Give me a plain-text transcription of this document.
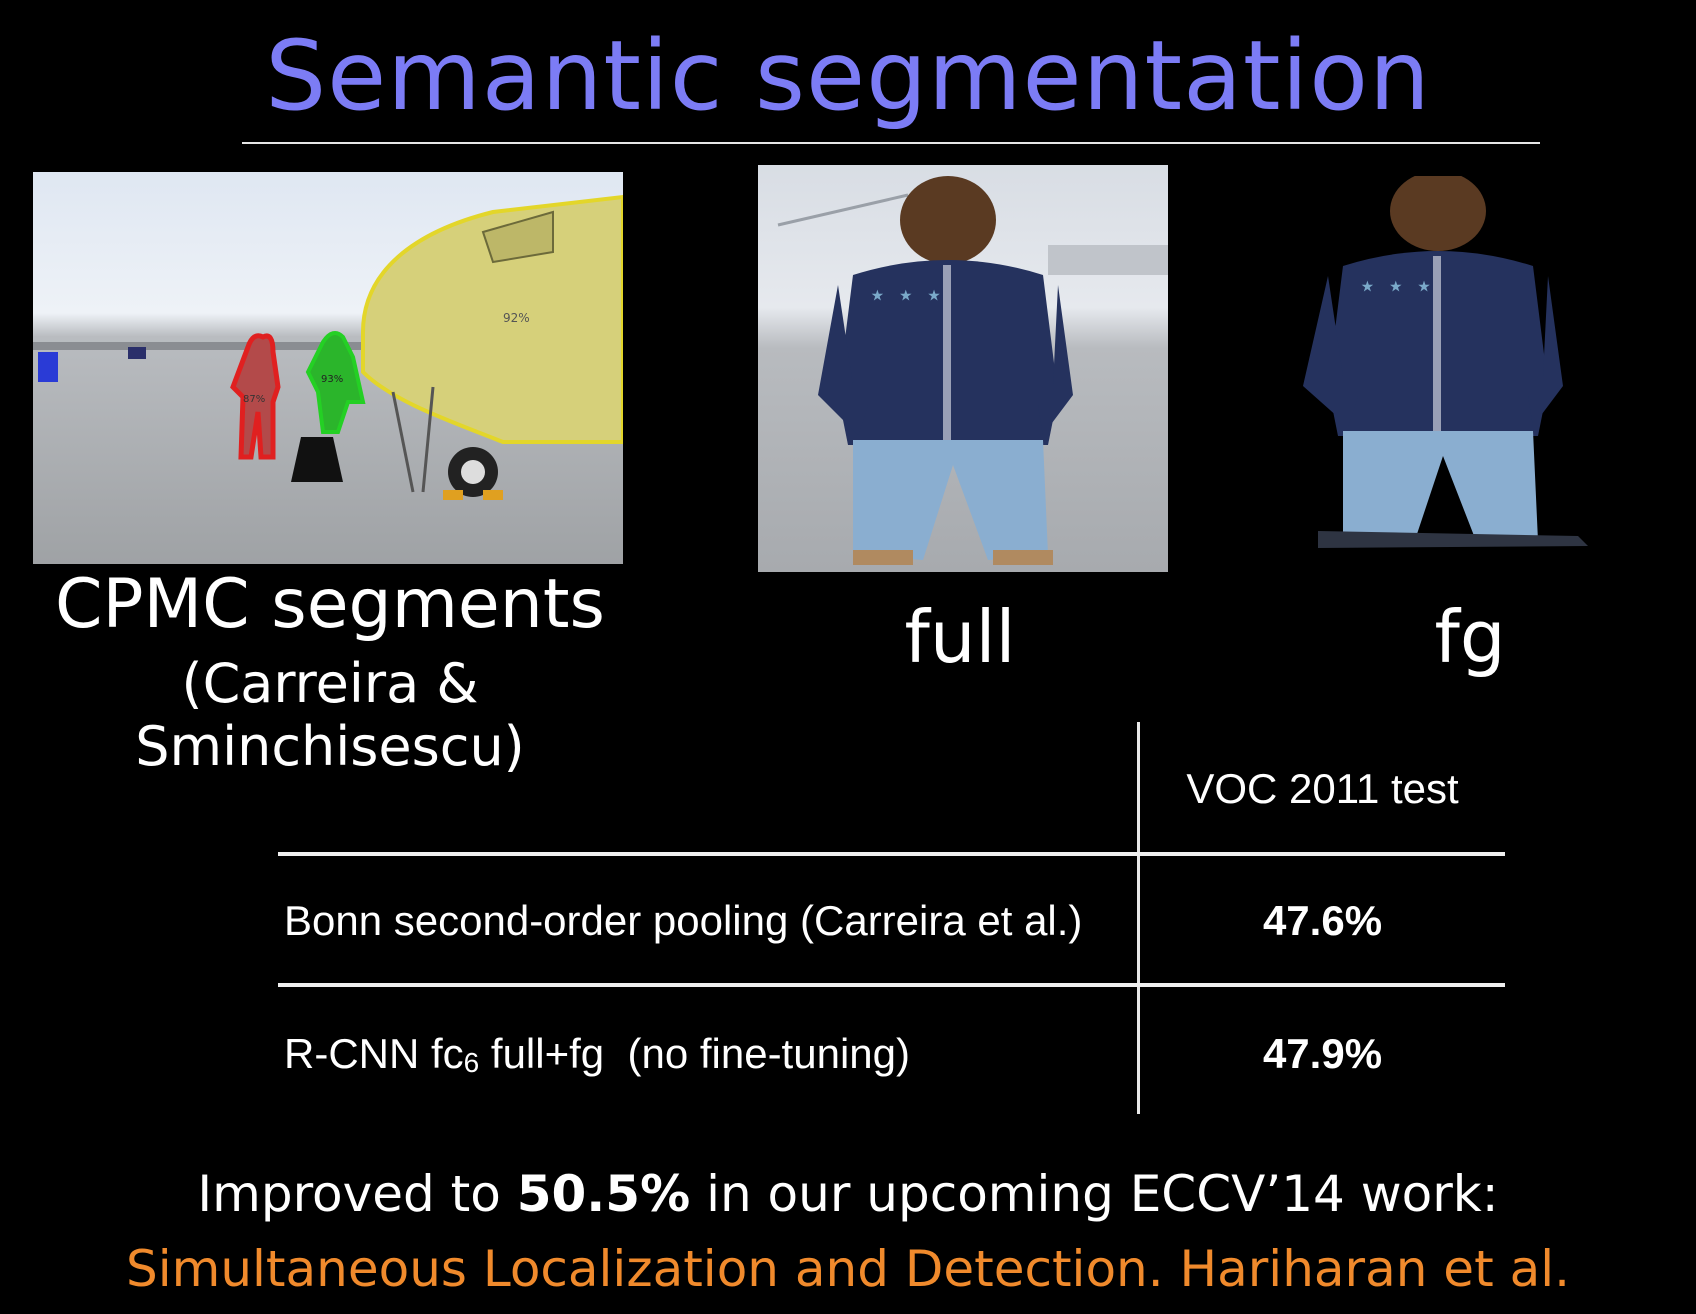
Semantic segmentation
92%
87%
93%
⋆ ⋆ ⋆	⋆ ⋆ ⋆
CPMC segments
(Carreira & Sminchisescu)
full	fg
VOC 2011 test
Bonn second-order pooling (Carreira et al.)	47.6%
R-CNN fc6 full+fg  (no fine-tuning)	47.9%
Improved to 50.5% in our upcoming ECCV’14 work:
Simultaneous Localization and Detection. Hariharan et al.
